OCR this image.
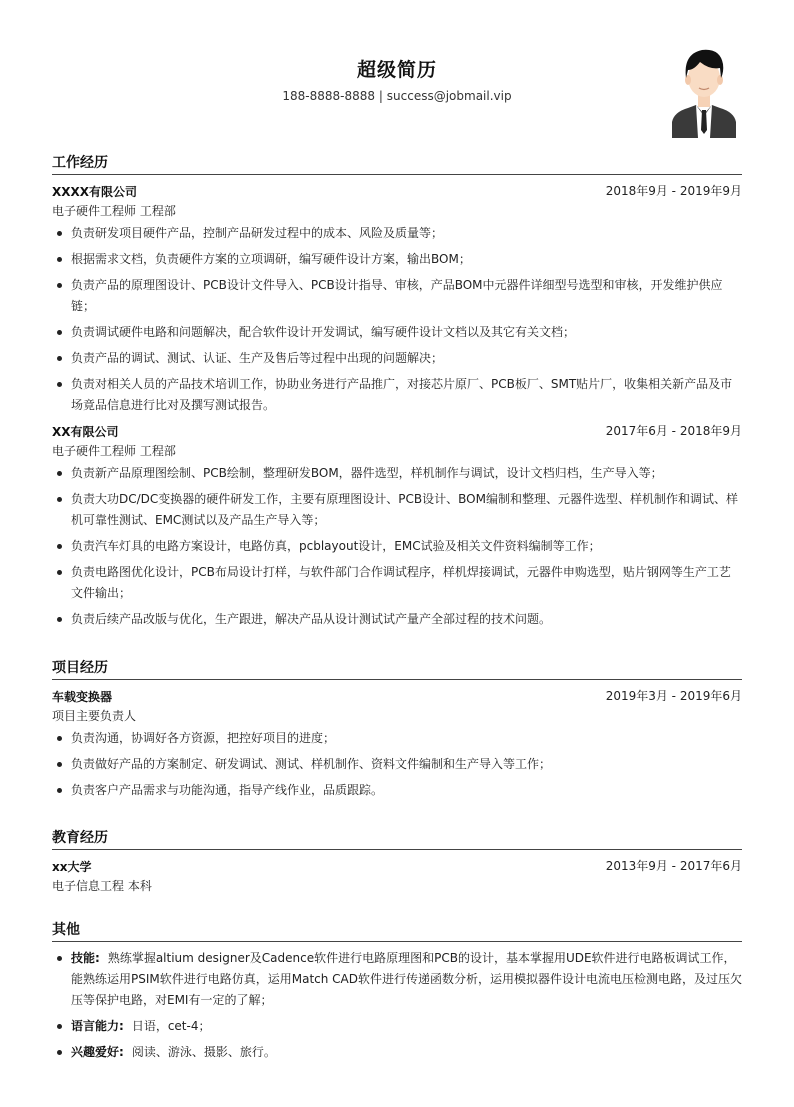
超级简历
188-8888-8888 | success@jobmail.vip
工作经历
XXXX有限公司	2018年9月 - 2019年9月
电子硬件工程师 工程部
负责研发项目硬件产品，控制产品研发过程中的成本、风险及质量等；
根据需求文档，负责硬件方案的立项调研，编写硬件设计方案，输出BOM；
负责产品的原理图设计、PCB设计文件导入、PCB设计指导、审核，产品BOM中元器件详细型号选型和审核，开发维护供应链；
负责调试硬件电路和问题解决，配合软件设计开发调试，编写硬件设计文档以及其它有关文档；
负责产品的调试、测试、认证、生产及售后等过程中出现的问题解决；
负责对相关人员的产品技术培训工作，协助业务进行产品推广，对接芯片原厂、PCB板厂、SMT贴片厂，收集相关新产品及市场竟品信息进行比对及撰写测试报告。
XX有限公司	2017年6月 - 2018年9月
电子硬件工程师 工程部
负责新产品原理图绘制、PCB绘制，整理研发BOM，器件选型，样机制作与调试，设计文档归档，生产导入等；
负责大功DC/DC变换器的硬件研发工作，主要有原理图设计、PCB设计、BOM编制和整理、元器件选型、样机制作和调试、样机可靠性测试、EMC测试以及产品生产导入等；
负责汽车灯具的电路方案设计，电路仿真，pcblayout设计，EMC试验及相关文件资料编制等工作；
负责电路图优化设计，PCB布局设计打样，与软件部门合作调试程序，样机焊接调试，元器件申购选型，贴片钢网等生产工艺文件输出；
负责后续产品改版与优化，生产跟进，解决产品从设计测试试产量产全部过程的技术问题。
项目经历
车载变换器	2019年3月 - 2019年6月
项目主要负责人
负责沟通，协调好各方资源，把控好项目的进度；
负责做好产品的方案制定、研发调试、测试、样机制作、资料文件编制和生产导入等工作；
负责客户产品需求与功能沟通，指导产线作业，品质跟踪。
教育经历
xx大学	2013年9月 - 2017年6月
电子信息工程 本科
其他
技能: 熟练掌握altium designer及Cadence软件进行电路原理图和PCB的设计，基本掌握用UDE软件进行电路板调试工作，能熟练运用PSIM软件进行电路仿真，运用Match CAD软件进行传递函数分析，运用模拟器件设计电流电压检测电路，及过压欠压等保护电路，对EMI有一定的了解；
语言能力: 日语，cet-4；
兴趣爱好: 阅读、游泳、摄影、旅行。
